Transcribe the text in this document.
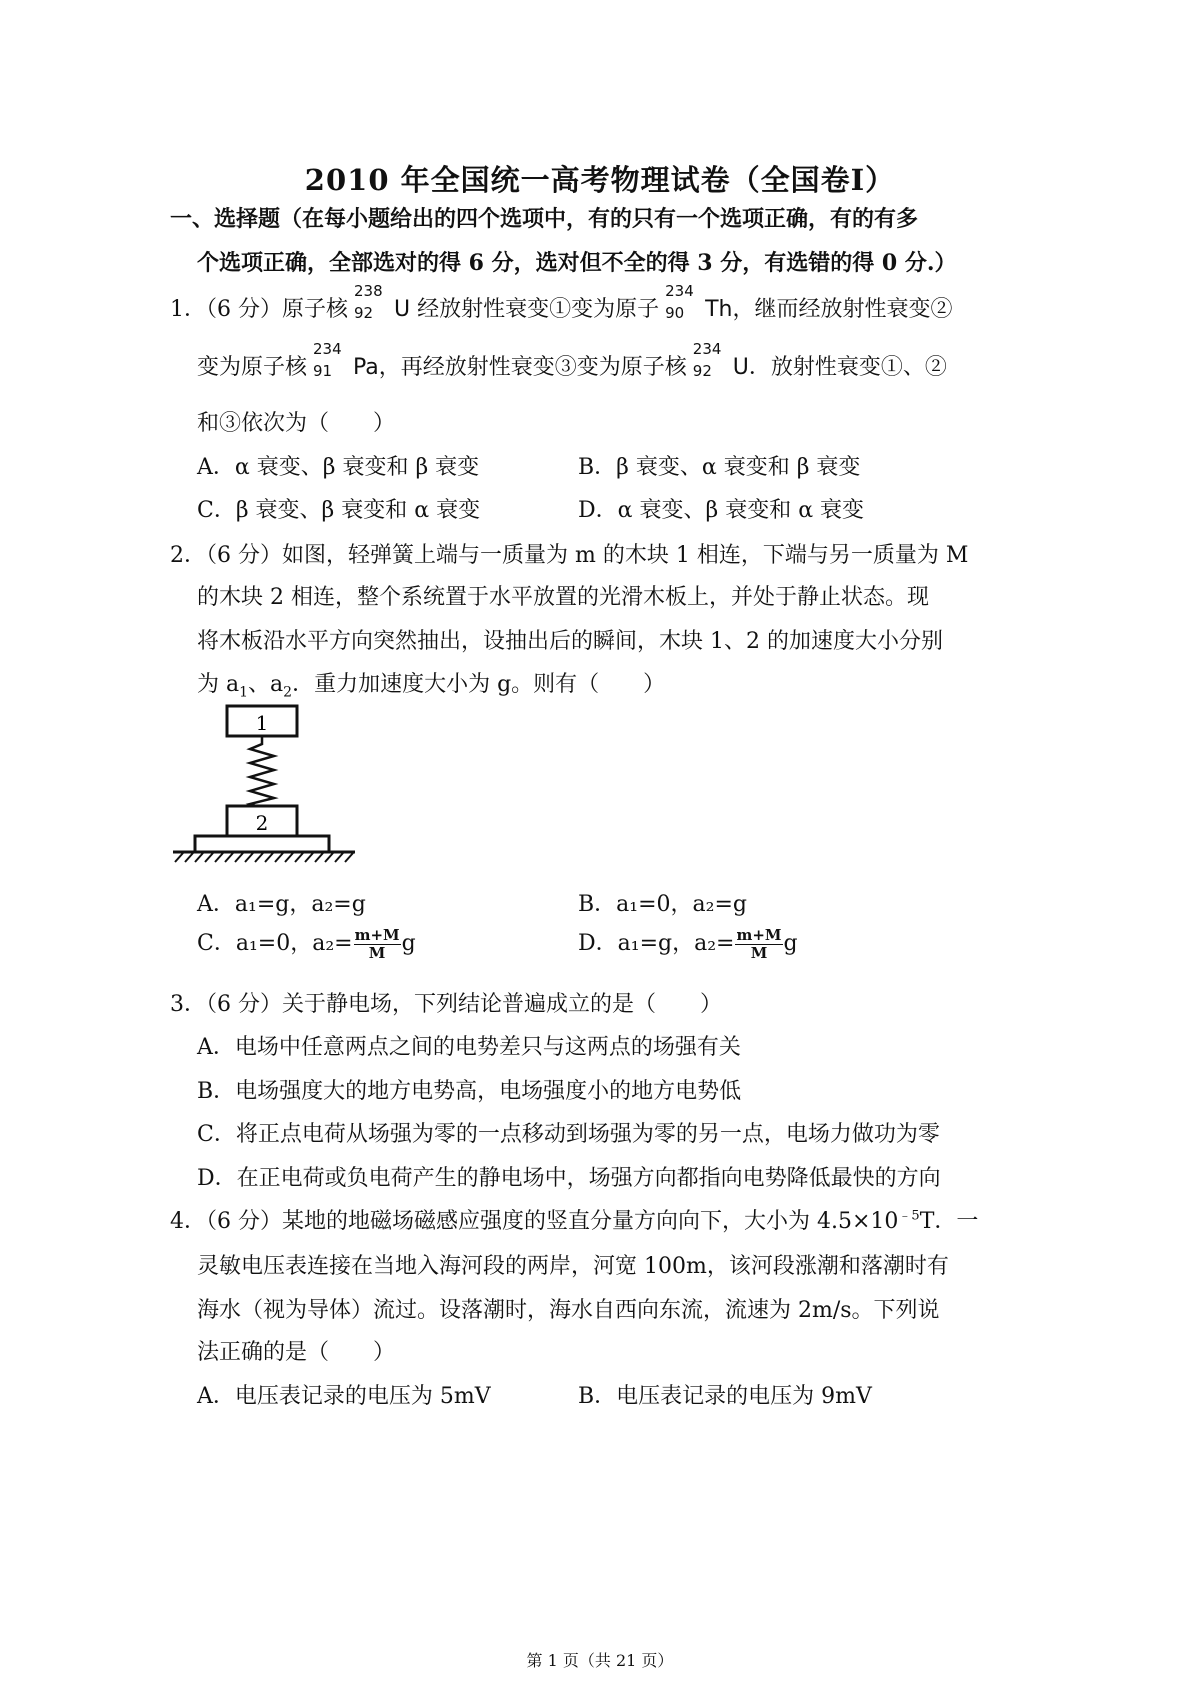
2010 年全国统一高考物理试卷（全国卷Ⅰ）
一、选择题（在每小题给出的四个选项中，有的只有一个选项正确，有的有多
个选项正确，全部选对的得 6 分，选对但不全的得 3 分，有选错的得 0 分.）
1．（6 分）原子核
238
92 U 经放射性衰变①变为原子
234
90 Th，继而经放射性衰变②
变为原子核
234
91 Pa，再经放射性衰变③变为原子核
234
92 U．放射性衰变①、②
和③依次为（　　）
A．α 衰变、β 衰变和 β 衰变	B．β 衰变、α 衰变和 β 衰变
C．β 衰变、β 衰变和 α 衰变	D．α 衰变、β 衰变和 α 衰变
2．（6 分）如图，轻弹簧上端与一质量为 m 的木块 1 相连，下端与另一质量为 M
的木块 2 相连，整个系统置于水平放置的光滑木板上，并处于静止状态。现
将木板沿水平方向突然抽出，设抽出后的瞬间，木块 1、2 的加速度大小分别
为 $a_1$、$a_2$．重力加速度大小为 g。则有（　　）
1
2
A．a₁=g，a₂=g	B．a₁=0，a₂=g
C．a₁=0，$a_2= \frac{m+M}{M}$ g	D．a₁=g，$a_2= \frac{m+M}{M}$ g
3．（6 分）关于静电场，下列结论普遍成立的是（　　）
A．电场中任意两点之间的电势差只与这两点的场强有关
B．电场强度大的地方电势高，电场强度小的地方电势低
C．将正点电荷从场强为零的一点移动到场强为零的另一点，电场力做功为零
D．在正电荷或负电荷产生的静电场中，场强方向都指向电势降低最快的方向
4．（6 分）某地的地磁场磁感应强度的竖直分量方向向下，大小为 $4.5\times 10^{﹣5}T$．一
灵敏电压表连接在当地入海河段的两岸，河宽 100m，该河段涨潮和落潮时有
海水（视为导体）流过。设落潮时，海水自西向东流，流速为 2m/s。下列说
法正确的是（　　）
A．电压表记录的电压为 5mV	B．电压表记录的电压为 9mV
第 1 页（共 21 页）
